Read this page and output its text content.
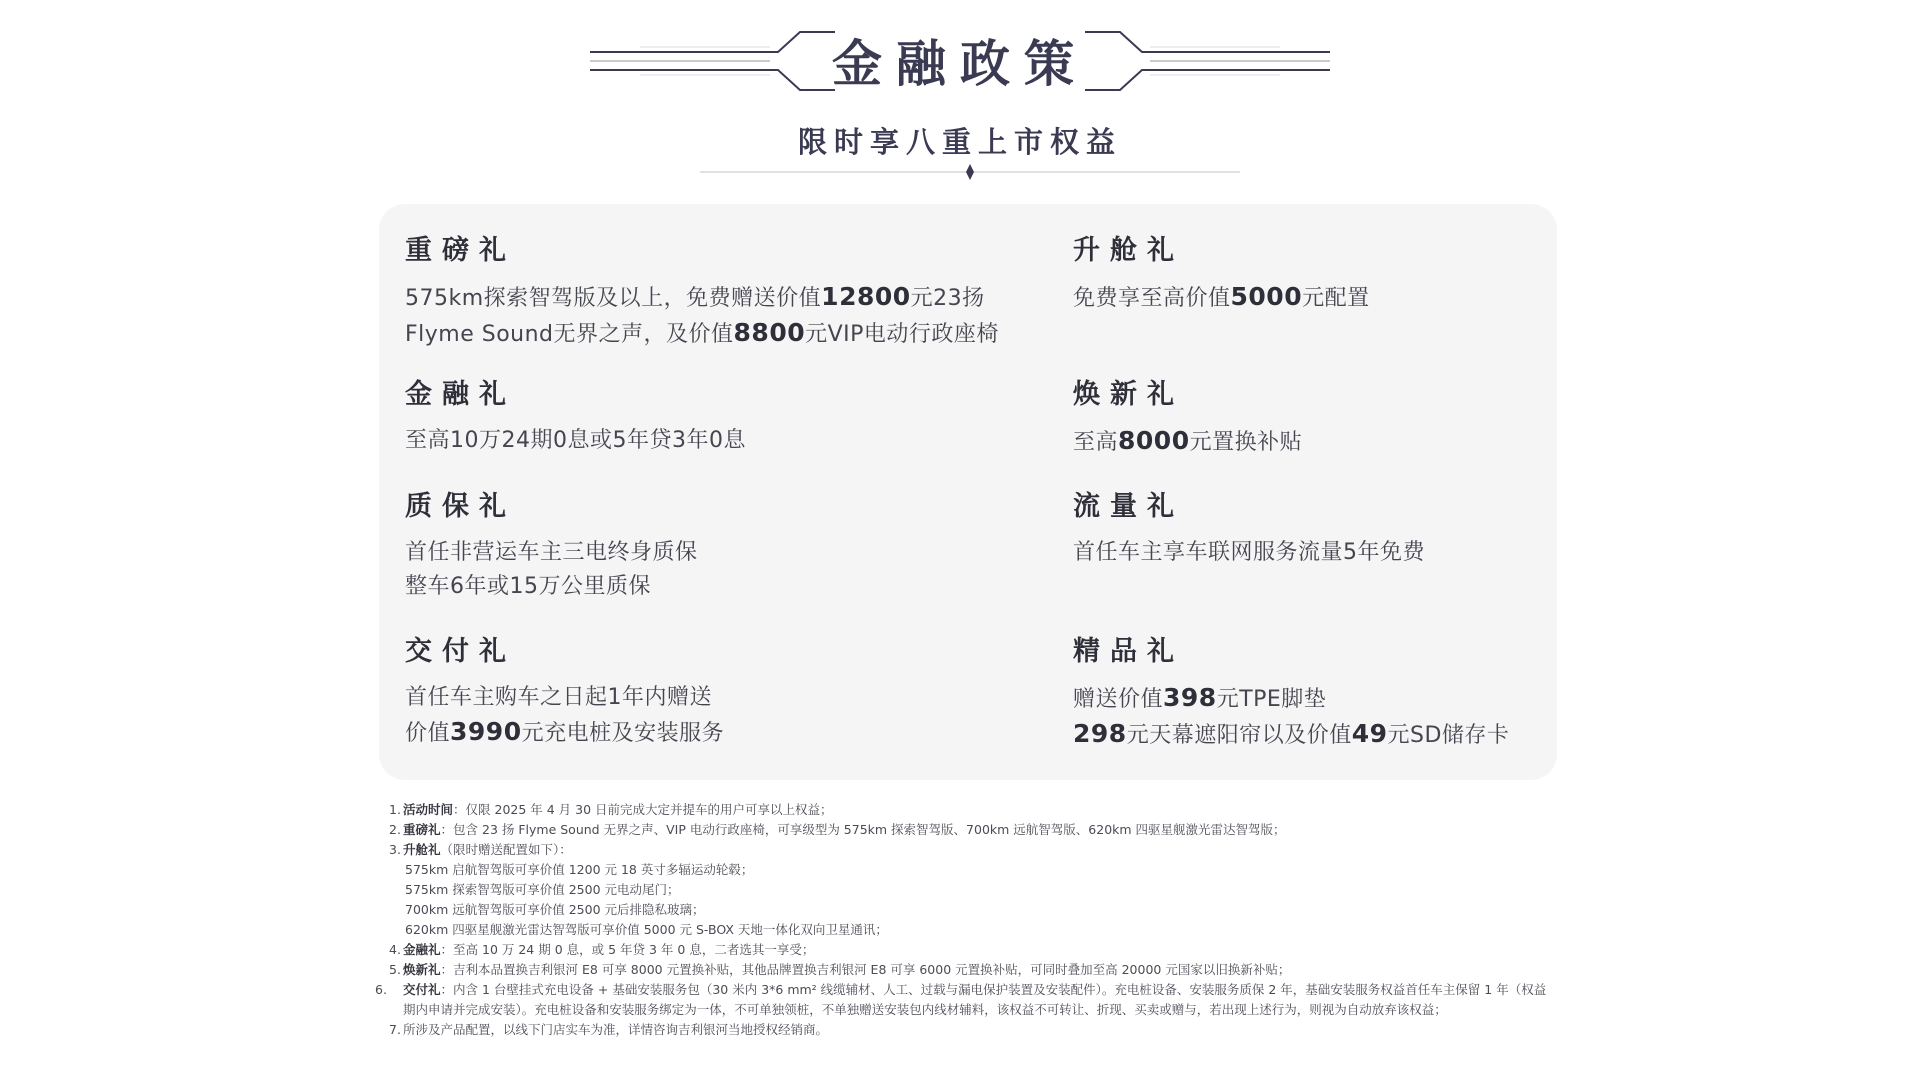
金融政策
限时享八重上市权益
重磅礼
575km探索智驾版及以上，免费赠送价值12800元23扬
Flyme Sound无界之声，及价值8800元VIP电动行政座椅
升舱礼
免费享至高价值5000元配置
金融礼
至高10万24期0息或5年贷3年0息
焕新礼
至高8000元置换补贴
质保礼
首任非营运车主三电终身质保
整车6年或15万公里质保
流量礼
首任车主享车联网服务流量5年免费
交付礼
首任车主购车之日起1年内赠送
价值3990元充电桩及安装服务
精品礼
赠送价值398元TPE脚垫
298元天幕遮阳帘以及价值49元SD储存卡
1. 活动时间：仅限 2025 年 4 月 30 日前完成大定并提车的用户可享以上权益；
2. 重磅礼：包含 23 扬 Flyme Sound 无界之声、VIP 电动行政座椅，可享级型为 575km 探索智驾版、700km 远航智驾版、620km 四驱星舰激光雷达智驾版；
3. 升舱礼（限时赠送配置如下）：
575km 启航智驾版可享价值 1200 元 18 英寸多辐运动轮毂；
575km 探索智驾版可享价值 2500 元电动尾门；
700km 远航智驾版可享价值 2500 元后排隐私玻璃；
620km 四驱星舰激光雷达智驾版可享价值 5000 元 S-BOX 天地一体化双向卫星通讯；
4. 金融礼：至高 10 万 24 期 0 息，或 5 年贷 3 年 0 息，二者选其一享受；
5. 焕新礼：吉利本品置换吉利银河 E8 可享 8000 元置换补贴，其他品牌置换吉利银河 E8 可享 6000 元置换补贴，可同时叠加至高 20000 元国家以旧换新补贴；
6. 交付礼：内含 1 台壁挂式充电设备 + 基础安装服务包（30 米内 3*6 mm² 线缆辅材、人工、过载与漏电保护装置及安装配件）。充电桩设备、安装服务质保 2 年，基础安装服务权益首任车主保留 1 年（权益期内申请并完成安装）。充电桩设备和安装服务绑定为一体，不可单独领桩，不单独赠送安装包内线材辅料，该权益不可转让、折现、买卖或赠与，若出现上述行为，则视为自动放弃该权益；
7. 所涉及产品配置，以线下门店实车为准，详情咨询吉利银河当地授权经销商。
